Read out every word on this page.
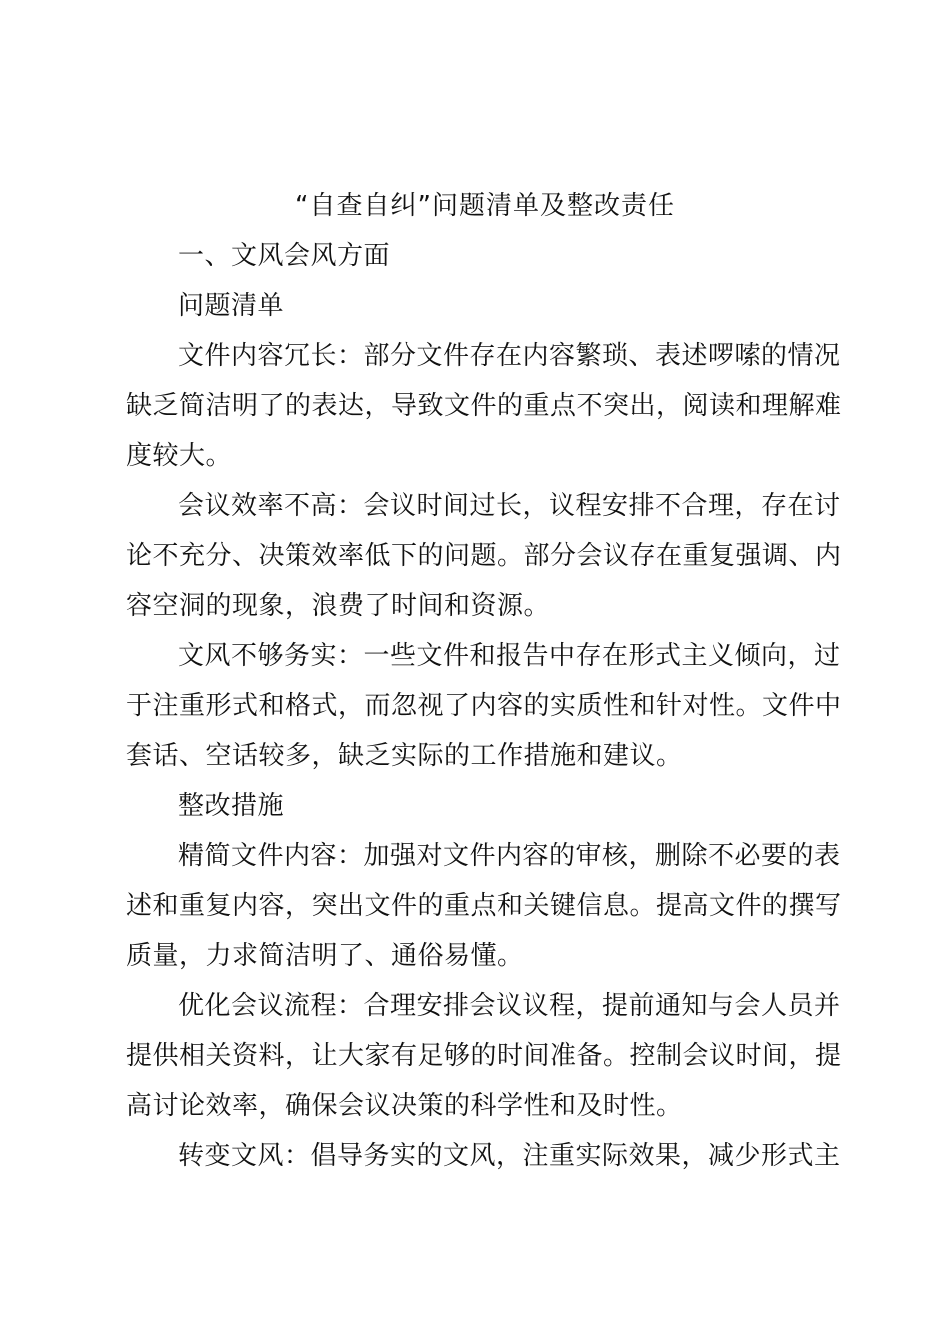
“自查自纠”问题清单及整改责任
一、文风会风方面
问题清单
文件内容冗长：部分文件存在内容繁琐、表述啰嗦的情况
缺乏简洁明了的表达，导致文件的重点不突出，阅读和理解难
度较大。
会议效率不高：会议时间过长，议程安排不合理，存在讨
论不充分、决策效率低下的问题。部分会议存在重复强调、内
容空洞的现象，浪费了时间和资源。
文风不够务实：一些文件和报告中存在形式主义倾向，过
于注重形式和格式，而忽视了内容的实质性和针对性。文件中
套话、空话较多，缺乏实际的工作措施和建议。
整改措施
精简文件内容：加强对文件内容的审核，删除不必要的表
述和重复内容，突出文件的重点和关键信息。提高文件的撰写
质量，力求简洁明了、通俗易懂。
优化会议流程：合理安排会议议程，提前通知与会人员并
提供相关资料，让大家有足够的时间准备。控制会议时间，提
高讨论效率，确保会议决策的科学性和及时性。
转变文风：倡导务实的文风，注重实际效果，减少形式主
